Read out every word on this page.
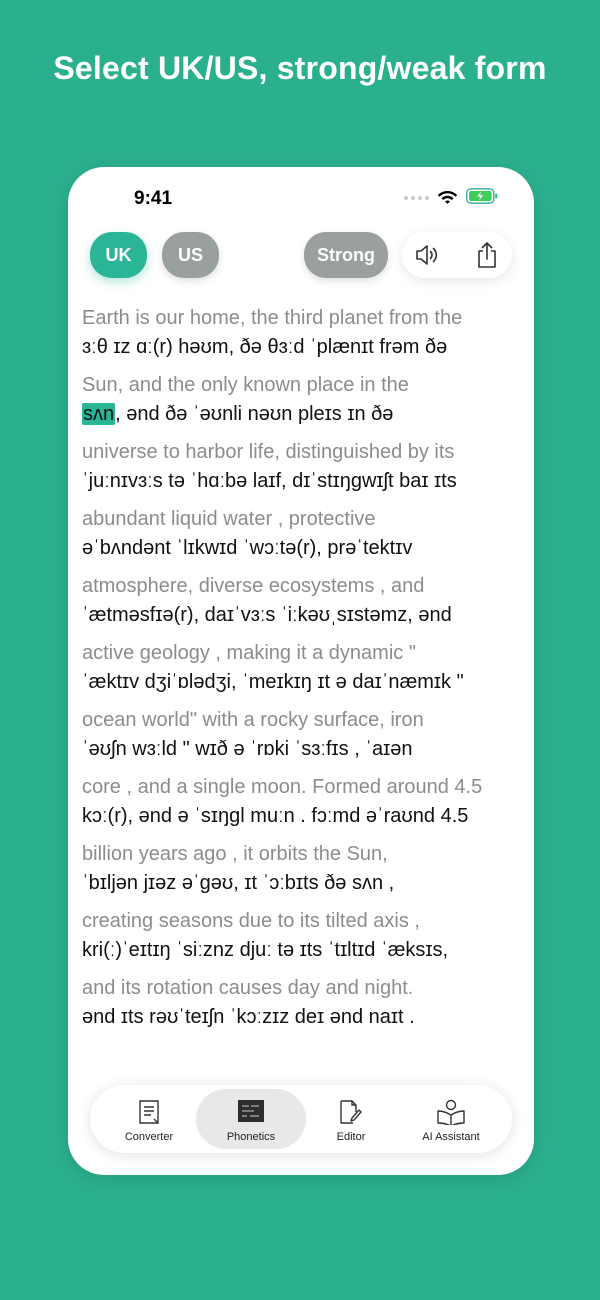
Select UK/US, strong/weak form
9:41
UK	US	Strong
Earth is our home, the third planet from the
ɜːθ ɪz ɑː(r) həʊm, ðə θɜːd ˈplænɪt frəm ðə
Sun, and the only known place in the
sʌn, ənd ðə ˈəʊnli nəʊn pleɪs ɪn ðə
universe to harbor life, distinguished by its
ˈjuːnɪvɜːs tə ˈhɑːbə laɪf, dɪˈstɪŋɡwɪʃt baɪ ɪts
abundant liquid water , protective
əˈbʌndənt ˈlɪkwɪd ˈwɔːtə(r), prəˈtektɪv
atmosphere, diverse ecosystems , and
ˈætməsfɪə(r), daɪˈvɜːs ˈiːkəʊˌsɪstəmz, ənd
active geology , making it a dynamic "
ˈæktɪv dʒiˈɒlədʒi, ˈmeɪkɪŋ ɪt ə daɪˈnæmɪk "
ocean world" with a rocky surface, iron
ˈəʊʃn wɜːld " wɪð ə ˈrɒki ˈsɜːfɪs , ˈaɪən
core , and a single moon. Formed around 4.5
kɔː(r), ənd ə ˈsɪŋɡl muːn . fɔːmd əˈraʊnd 4.5
billion years ago , it orbits the Sun,
ˈbɪljən jɪəz əˈɡəʊ, ɪt ˈɔːbɪts ðə sʌn ,
creating seasons due to its tilted axis ,
kri(ː)ˈeɪtɪŋ ˈsiːznz djuː tə ɪts ˈtɪltɪd ˈæksɪs,
and its rotation causes day and night.
ənd ɪts rəʊˈteɪʃn ˈkɔːzɪz deɪ ənd naɪt .
Converter	Phonetics	Editor	AI Assistant
